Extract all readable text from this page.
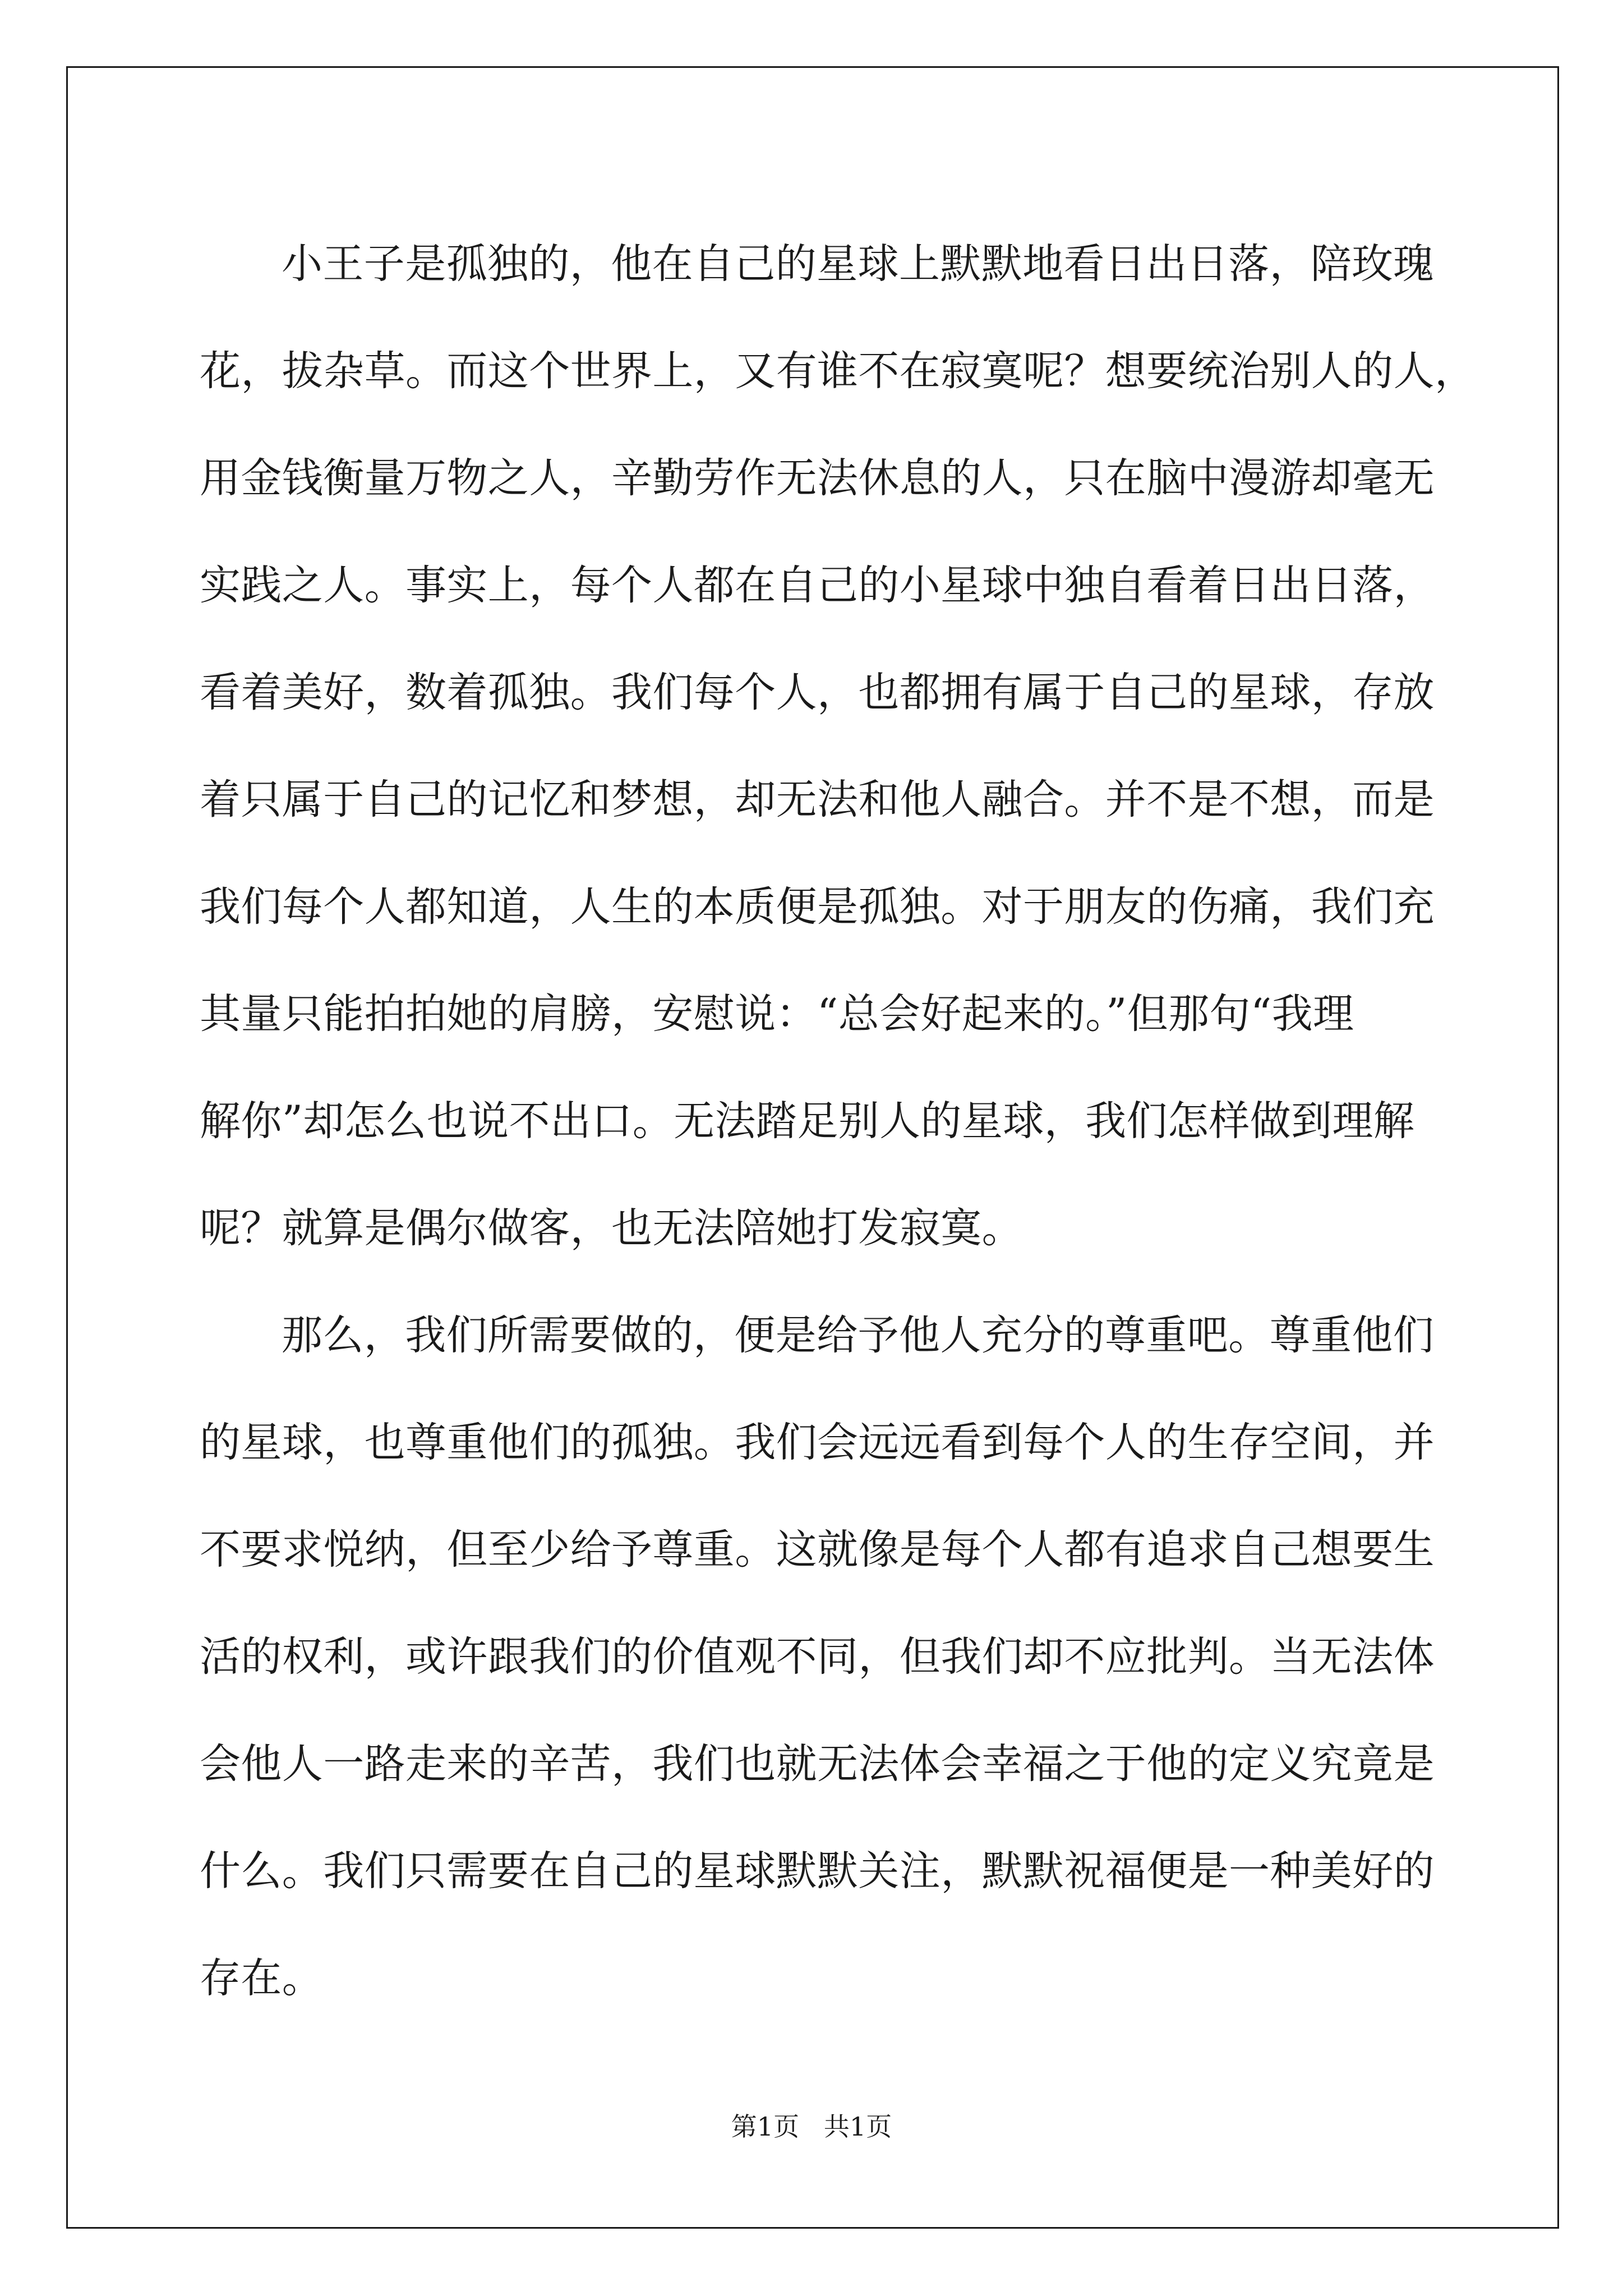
小王子是孤独的，他在自己的星球上默默地看日出日落，陪玫瑰
花，拔杂草。而这个世界上，又有谁不在寂寞呢？想要统治别人的人，
用金钱衡量万物之人，辛勤劳作无法休息的人，只在脑中漫游却毫无
实践之人。事实上，每个人都在自己的小星球中独自看着日出日落，
看着美好，数着孤独。我们每个人，也都拥有属于自己的星球，存放
着只属于自己的记忆和梦想，却无法和他人融合。并不是不想，而是
我们每个人都知道，人生的本质便是孤独。对于朋友的伤痛，我们充
其量只能拍拍她的肩膀，安慰说：“总会好起来的。”但那句“我理
解你”却怎么也说不出口。无法踏足别人的星球，我们怎样做到理解
呢？就算是偶尔做客，也无法陪她打发寂寞。

那么，我们所需要做的，便是给予他人充分的尊重吧。尊重他们
的星球，也尊重他们的孤独。我们会远远看到每个人的生存空间，并
不要求悦纳，但至少给予尊重。这就像是每个人都有追求自己想要生
活的权利，或许跟我们的价值观不同，但我们却不应批判。当无法体
会他人一路走来的辛苦，我们也就无法体会幸福之于他的定义究竟是
什么。我们只需要在自己的星球默默关注，默默祝福便是一种美好的
存在。

第1页   共1页
